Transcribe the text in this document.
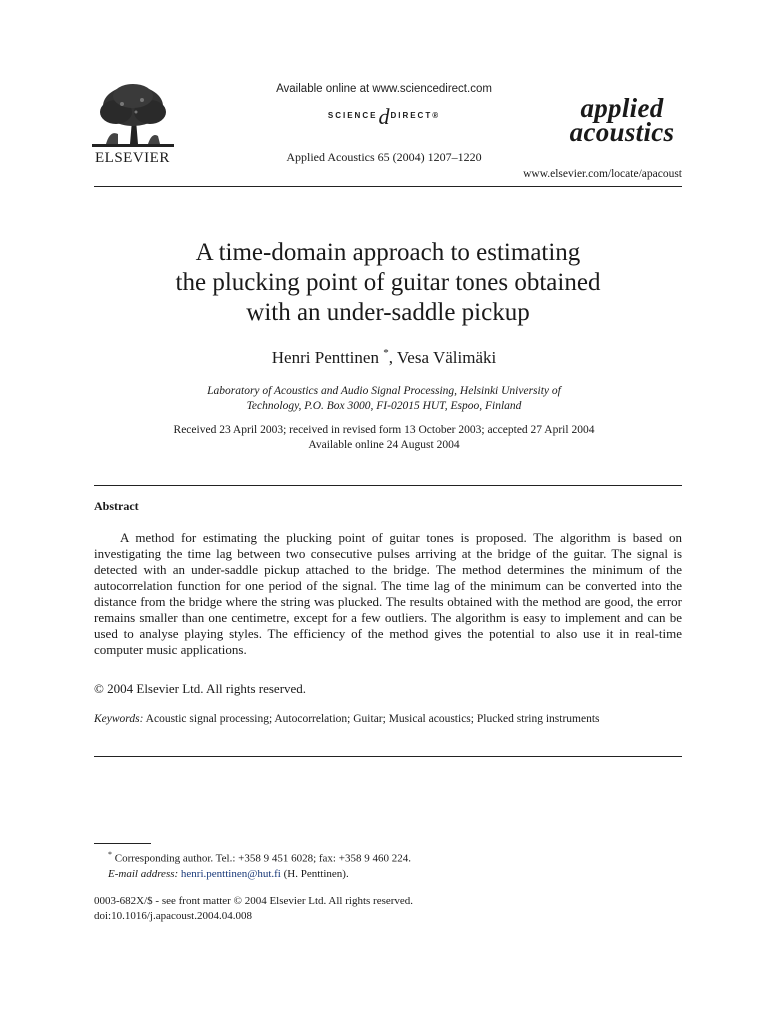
ELSEVIER
Available online at www.sciencedirect.com
SCIENCEdDIRECT®
Applied Acoustics 65 (2004) 1207–1220
applied
acoustics
www.elsevier.com/locate/apacoust
A time-domain approach to estimating
the plucking point of guitar tones obtained
with an under-saddle pickup
Henri Penttinen *, Vesa Välimäki
Laboratory of Acoustics and Audio Signal Processing, Helsinki University of
Technology, P.O. Box 3000, FI-02015 HUT, Espoo, Finland
Received 23 April 2003; received in revised form 13 October 2003; accepted 27 April 2004
Available online 24 August 2004
Abstract

A method for estimating the plucking point of guitar tones is proposed. The algorithm is based on investigating the time lag between two consecutive pulses arriving at the bridge of the guitar. The signal is detected with an under-saddle pickup attached to the bridge. The method determines the minimum of the autocorrelation function for one period of the signal. The time lag of the minimum can be converted into the distance from the bridge where the string was plucked. The results obtained with the method are good, the error remains smaller than one centimetre, except for a few outliers. The algorithm is easy to implement and can be used to analyse playing styles. The efficiency of the method gives the potential to also use it in real-time computer music applications.

© 2004 Elsevier Ltd. All rights reserved.
Keywords: Acoustic signal processing; Autocorrelation; Guitar; Musical acoustics; Plucked string instruments
* Corresponding author. Tel.: +358 9 451 6028; fax: +358 9 460 224.
E-mail address: henri.penttinen@hut.fi (H. Penttinen).
0003-682X/$ - see front matter © 2004 Elsevier Ltd. All rights reserved.
doi:10.1016/j.apacoust.2004.04.008
